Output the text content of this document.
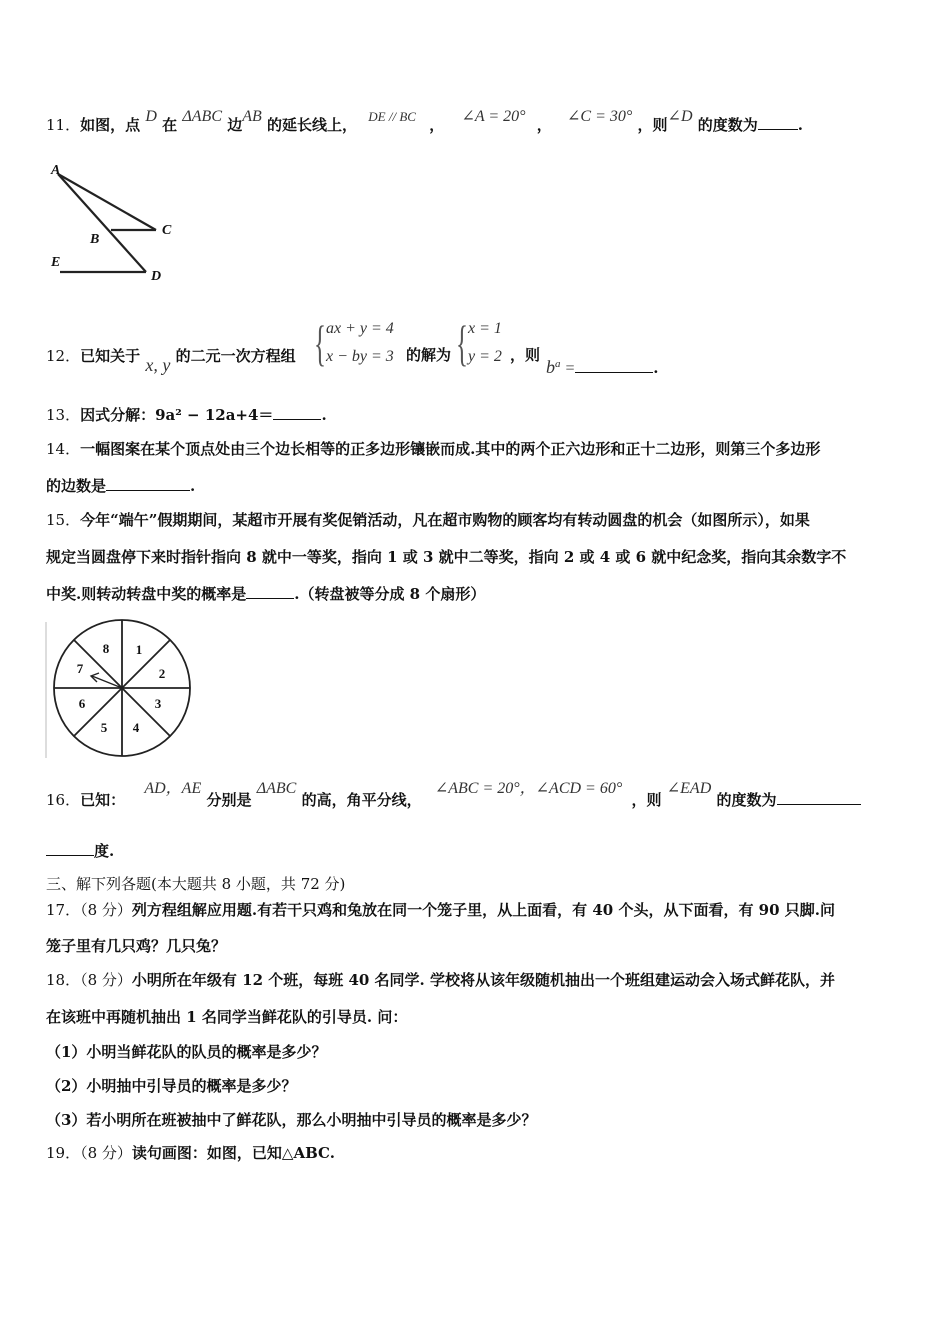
11．如图，点 D 在 ΔABC 边AB 的延长线上， DE // BC ， ∠A = 20° ， ∠C = 30° ，则∠D 的度数为	.
A
B
C
D
E
12．已知关于 x, y 的二元一次方程组 { ax + y = 4
x − by = 3 的解为 { x = 1
y = 2 ，则
$b^a$ =	.
13．因式分解：9a² − 12a+4＝	.
14．一幅图案在某个顶点处由三个边长相等的正多边形镶嵌而成.其中的两个正六边形和正十二边形，则第三个多边形
的边数是	.
15．今年“端午”假期期间，某超市开展有奖促销活动，凡在超市购物的顾客均有转动圆盘的机会（如图所示），如果
规定当圆盘停下来时指针指向 8 就中一等奖，指向 1 或 3 就中二等奖，指向 2 或 4 或 6 就中纪念奖，指向其余数字不
中奖.则转动转盘中奖的概率是	.（转盘被等分成 8 个扇形）
1
2
3
4
5
6
7
8
16．已知： AD，AE 分别是 ΔABC 的高，角平分线， ∠ABC = 20°，∠ACD = 60° ，则 ∠EAD 的度数为
度.
三、解下列各题(本大题共 8 小题，共 72 分)
17．（8 分）列方程组解应用题.有若干只鸡和兔放在同一个笼子里，从上面看，有 40 个头，从下面看，有 90 只脚.问
笼子里有几只鸡？几只兔？
18．（8 分）小明所在年级有 12 个班，每班 40 名同学. 学校将从该年级随机抽出一个班组建运动会入场式鲜花队，并
在该班中再随机抽出 1 名同学当鲜花队的引导员. 问：
（1）小明当鲜花队的队员的概率是多少？
（2）小明抽中引导员的概率是多少？
（3）若小明所在班被抽中了鲜花队，那么小明抽中引导员的概率是多少？
19．（8 分）读句画图：如图，已知△ABC.
